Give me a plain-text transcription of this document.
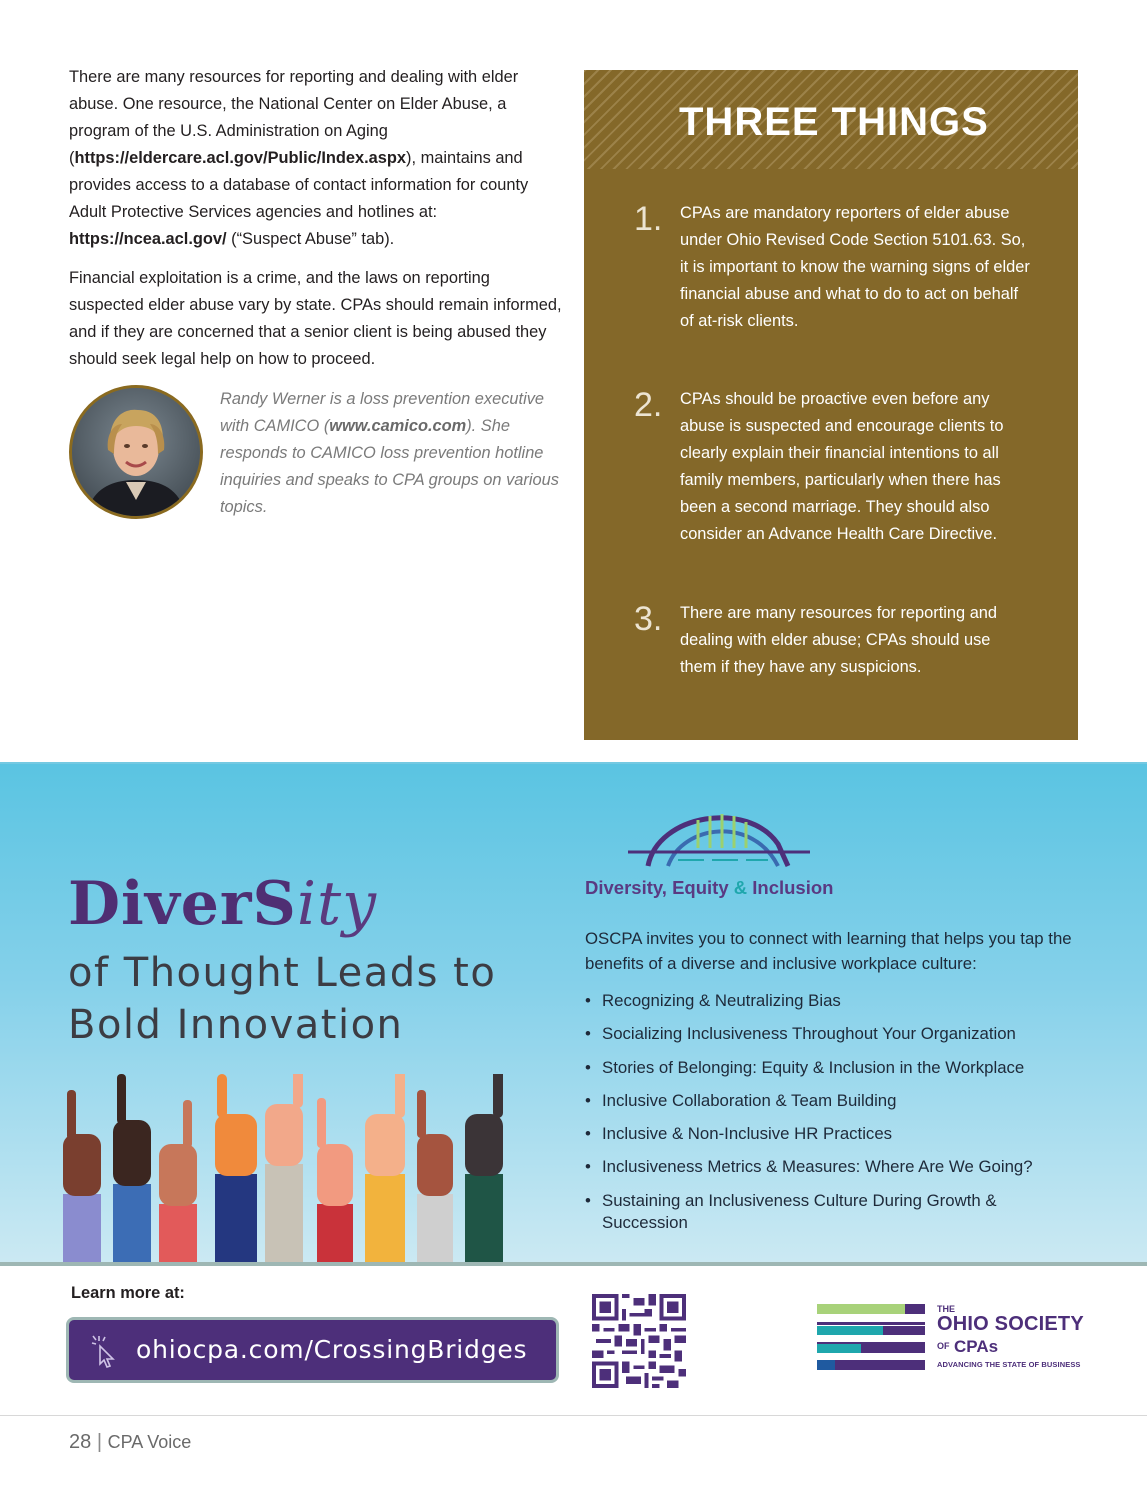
There are many resources for reporting and dealing with elder abuse. One resource, the National Center on Elder Abuse, a program of the U.S. Administration on Aging (https://eldercare.acl.gov/Public/Index.aspx), maintains and provides access to a database of contact information for county Adult Protective Services agencies and hotlines at: https://ncea.acl.gov/ (“Suspect Abuse” tab).

Financial exploitation is a crime, and the laws on reporting suspected elder abuse vary by state. CPAs should remain informed, and if they are concerned that a senior client is being abused they should seek legal help on how to proceed.

Randy Werner is a loss prevention executive with CAMICO (www.camico.com). She responds to CAMICO loss prevention hotline inquiries and speaks to CPA groups on various topics.
THREE THINGS
1. CPAs are mandatory reporters of elder abuse under Ohio Revised Code Section 5101.63. So, it is important to know the warning signs of elder financial abuse and what to do to act on behalf of at-risk clients.
2. CPAs should be proactive even before any abuse is suspected and encourage clients to clearly explain their financial intentions to all family members, particularly when there has been a second marriage. They should also consider an Advance Health Care Directive.
3. There are many resources for reporting and dealing with elder abuse; CPAs should use them if they have any suspicions.
DiverSity
of Thought Leads to
Bold Innovation
Diversity, Equity & Inclusion
OSCPA invites you to connect with learning that helps you tap the benefits of a diverse and inclusive workplace culture:
• Recognizing & Neutralizing Bias
• Socializing Inclusiveness Throughout Your Organization
• Stories of Belonging: Equity & Inclusion in the Workplace
• Inclusive Collaboration & Team Building
• Inclusive & Non-Inclusive HR Practices
• Inclusiveness Metrics & Measures: Where Are We Going?
• Sustaining an Inclusiveness Culture During Growth & Succession
Learn more at:
ohiocpa.com/CrossingBridges
THE
OHIO SOCIETY
OF CPAs
ADVANCING THE STATE OF BUSINESS
28 | CPA Voice
